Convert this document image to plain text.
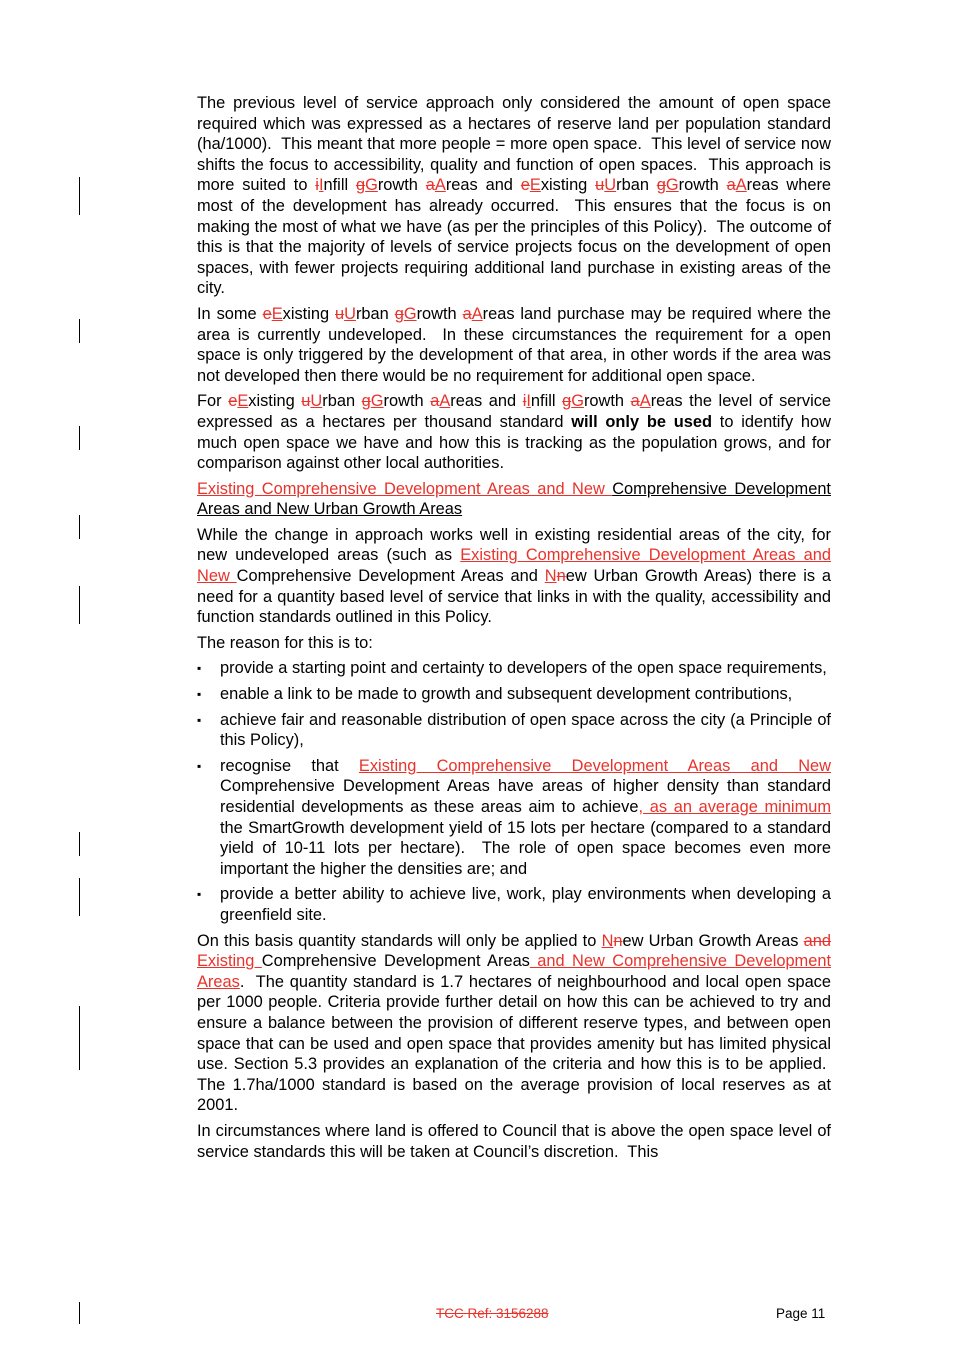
The previous level of service approach only considered the amount of open space required which was expressed as a hectares of reserve land per population standard (ha/1000).  This meant that more people = more open space.  This level of service now shifts the focus to accessibility, quality and function of open spaces.  This approach is more suited to iInfill gGrowth aAreas and eExisting uUrban gGrowth aAreas where most of the development has already occurred.  This ensures that the focus is on making the most of what we have (as per the principles of this Policy).  The outcome of this is that the majority of levels of service projects focus on the development of open spaces, with fewer projects requiring additional land purchase in existing areas of the city.

In some eExisting uUrban gGrowth aAreas land purchase may be required where the area is currently undeveloped.  In these circumstances the requirement for a open space is only triggered by the development of that area, in other words if the area was not developed then there would be no requirement for additional open space.

For eExisting uUrban gGrowth aAreas and iInfill gGrowth aAreas the level of service expressed as a hectares per thousand standard will only be used to identify how much open space we have and how this is tracking as the population grows, and for comparison against other local authorities.

Existing Comprehensive Development Areas and New Comprehensive Development Areas and New Urban Growth Areas

While the change in approach works well in existing residential areas of the city, for new undeveloped areas (such as Existing Comprehensive Development Areas and New Comprehensive Development Areas and Nnew Urban Growth Areas) there is a need for a quantity based level of service that links in with the quality, accessibility and function standards outlined in this Policy.

The reason for this is to:

▪ provide a starting point and certainty to developers of the open space requirements,
▪ enable a link to be made to growth and subsequent development contributions,
▪ achieve fair and reasonable distribution of open space across the city (a Principle of this Policy),
▪ recognise that Existing Comprehensive Development Areas and New Comprehensive Development Areas have areas of higher density than standard residential developments as these areas aim to achieve, as an average minimum the SmartGrowth development yield of 15 lots per hectare (compared to a standard yield of 10-11 lots per hectare).  The role of open space becomes even more important the higher the densities are; and
▪ provide a better ability to achieve live, work, play environments when developing a greenfield site.

On this basis quantity standards will only be applied to Nnew Urban Growth Areas and Existing Comprehensive Development Areas and New Comprehensive Development Areas.  The quantity standard is 1.7 hectares of neighbourhood and local open space per 1000 people. Criteria provide further detail on how this can be achieved to try and ensure a balance between the provision of different reserve types, and between open space that can be used and open space that provides amenity but has limited physical use. Section 5.3 provides an explanation of the criteria and how this is to be applied.  The 1.7ha/1000 standard is based on the average provision of local reserves as at 2001.

In circumstances where land is offered to Council that is above the open space level of service standards this will be taken at Council’s discretion.  This

TCC Ref: 3156288	Page 11
